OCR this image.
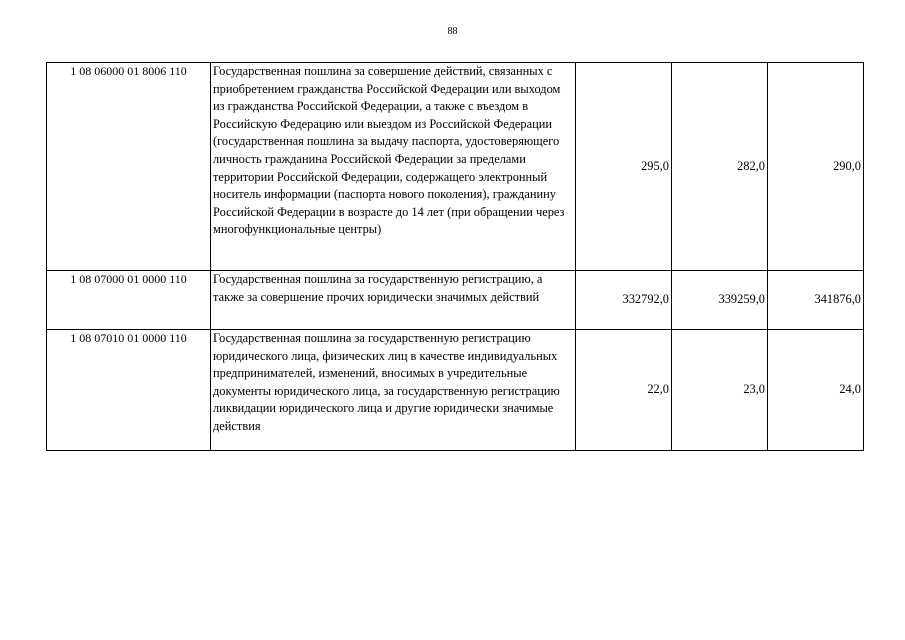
88
1 08 06000 01 8006 110	Государственная пошлина за совершение действий, связанных с приобретением гражданства Российской Федерации или выходом из гражданства Российской Федерации, а также с въездом в Российскую Федерацию или выездом из Российской Федерации (государственная пошлина за выдачу паспорта, удостоверяющего личность гражданина Российской Федерации за пределами территории Российской Федерации, содержащего электронный носитель информации (паспорта нового поколения), гражданину Российской Федерации в возрасте до 14 лет (при обращении через многофункциональные центры)	295,0	282,0	290,0
1 08 07000 01 0000 110	Государственная пошлина за государственную регистрацию, а также за совершение прочих юридически значимых действий	332792,0	339259,0	341876,0
1 08 07010 01 0000 110	Государственная пошлина за государственную регистрацию юридического лица, физических лиц в качестве индивидуальных предпринимателей, изменений, вносимых в учредительные документы юридического лица, за государственную регистрацию ликвидации юридического лица и другие юридически значимые действия	22,0	23,0	24,0
